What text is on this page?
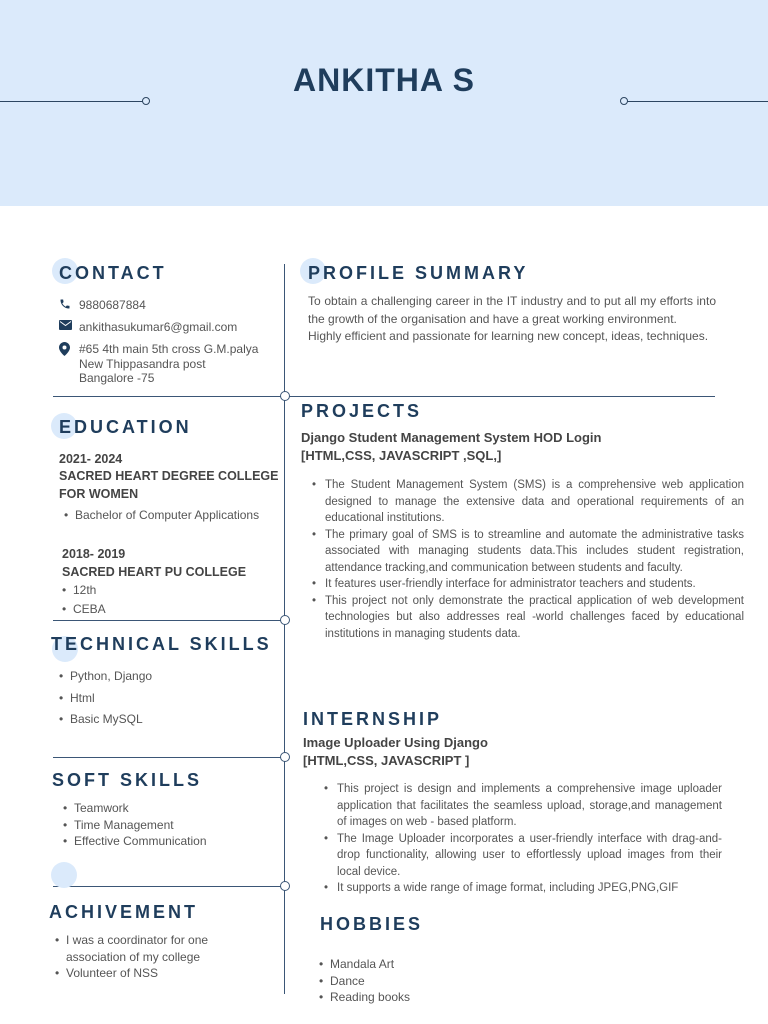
ANKITHA S
CONTACT
9880687884
ankithasukumar6@gmail.com
#65 4th main 5th cross G.M.palya
New Thippasandra post
Bangalore -75
EDUCATION
2021- 2024
SACRED HEART DEGREE COLLEGE
FOR WOMEN
• Bachelor of Computer Applications
2018- 2019
SACRED HEART PU COLLEGE
• 12th
• CEBA
TECHNICAL SKILLS
• Python, Django
• Html
• Basic MySQL
SOFT SKILLS
• Teamwork
• Time Management
• Effective Communication
ACHIVEMENT
• I was a coordinator for one
association of my college
• Volunteer of NSS
PROFILE SUMMARY
To obtain a challenging career in the IT industry and to put all my efforts into the growth of the organisation and have a great working environment.
Highly efficient and passionate for learning new concept, ideas, techniques.
PROJECTS
Django Student Management System HOD Login
[HTML,CSS, JAVASCRIPT ,SQL,]
• The Student Management System (SMS) is a comprehensive web application designed to manage the extensive data and operational requirements of an educational institutions.
• The primary goal of SMS is to streamline and automate the administrative tasks associated with managing students data.This includes student registration, attendance tracking,and communication between students and faculty.
• It features user-friendly interface for administrator teachers and students.
• This project not only demonstrate the practical application of web development technologies but also addresses real -world challenges faced by educational institutions in managing students data.
INTERNSHIP
Image Uploader Using Django
[HTML,CSS, JAVASCRIPT ]
• This project is design and implements a comprehensive image uploader application that facilitates the seamless upload, storage,and management of images on web - based platform.
• The Image Uploader incorporates a user-friendly interface with drag-and-drop functionality, allowing user to effortlessly upload images from their local device.
• It supports a wide range of image format, including JPEG,PNG,GIF
HOBBIES
• Mandala Art
• Dance
• Reading books
